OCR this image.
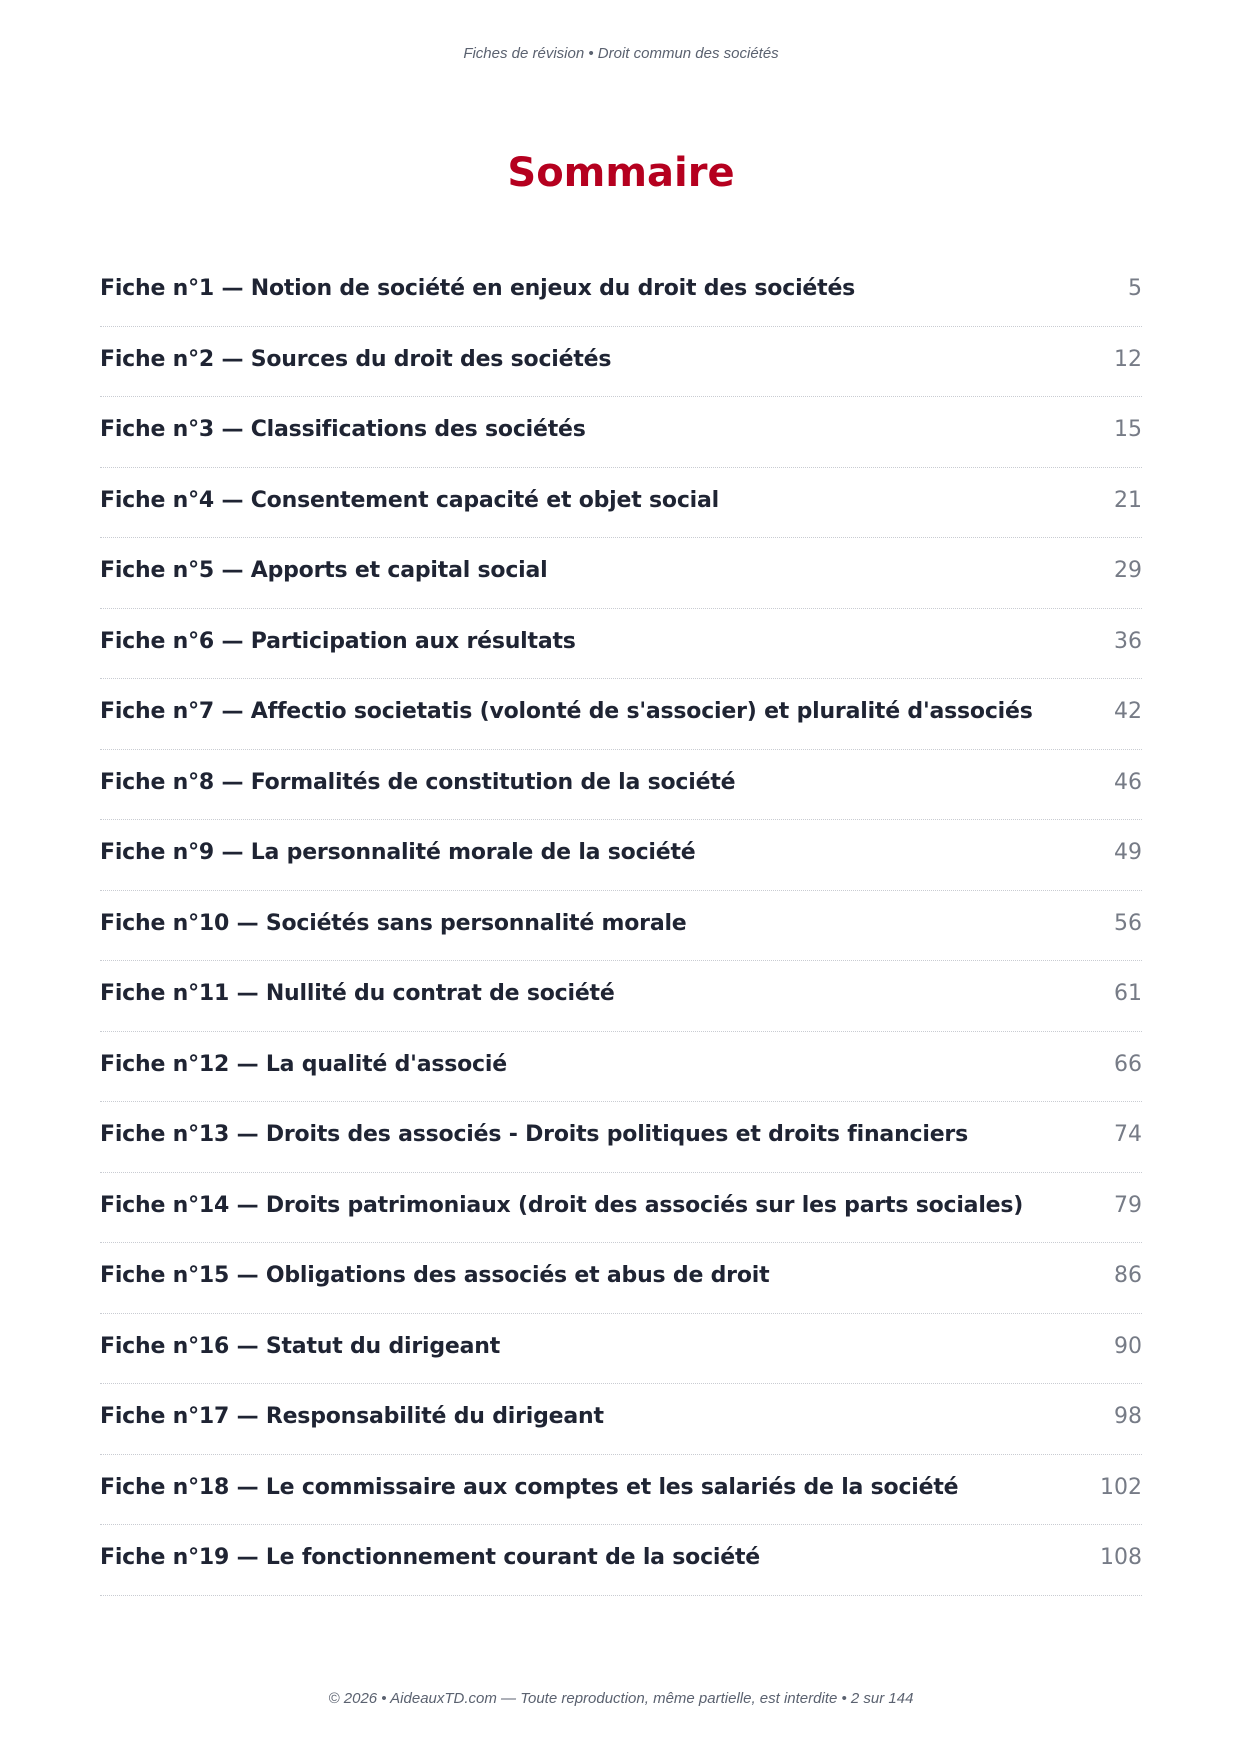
Fiches de révision • Droit commun des sociétés
Sommaire
Fiche n°1 — Notion de société en enjeux du droit des sociétés	5
Fiche n°2 — Sources du droit des sociétés	12
Fiche n°3 — Classifications des sociétés	15
Fiche n°4 — Consentement capacité et objet social	21
Fiche n°5 — Apports et capital social	29
Fiche n°6 — Participation aux résultats	36
Fiche n°7 — Affectio societatis (volonté de s'associer) et pluralité d'associés	42
Fiche n°8 — Formalités de constitution de la société	46
Fiche n°9 — La personnalité morale de la société	49
Fiche n°10 — Sociétés sans personnalité morale	56
Fiche n°11 — Nullité du contrat de société	61
Fiche n°12 — La qualité d'associé	66
Fiche n°13 — Droits des associés - Droits politiques et droits financiers	74
Fiche n°14 — Droits patrimoniaux (droit des associés sur les parts sociales)	79
Fiche n°15 — Obligations des associés et abus de droit	86
Fiche n°16 — Statut du dirigeant	90
Fiche n°17 — Responsabilité du dirigeant	98
Fiche n°18 — Le commissaire aux comptes et les salariés de la société	102
Fiche n°19 — Le fonctionnement courant de la société	108
© 2026 • AideauxTD.com — Toute reproduction, même partielle, est interdite • 2 sur 144
